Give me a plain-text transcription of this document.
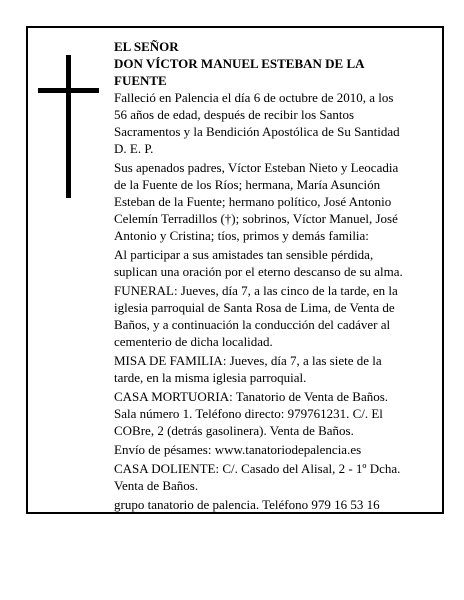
EL SEÑOR
DON VÍCTOR MANUEL ESTEBAN DE LA
FUENTE
Falleció en Palencia el día 6 de octubre de 2010, a los
56 años de edad, después de recibir los Santos
Sacramentos y la Bendición Apostólica de Su Santidad
D. E. P.
Sus apenados padres, Víctor Esteban Nieto y Leocadia
de la Fuente de los Ríos; hermana, María Asunción
Esteban de la Fuente; hermano político, José Antonio
Celemín Terradillos (†); sobrinos, Víctor Manuel, José
Antonio y Cristina; tíos, primos y demás familia:
Al participar a sus amistades tan sensible pérdida,
suplican una oración por el eterno descanso de su alma.
FUNERAL: Jueves, día 7, a las cinco de la tarde, en la
iglesia parroquial de Santa Rosa de Lima, de Venta de
Baños, y a continuación la conducción del cadáver al
cementerio de dicha localidad.
MISA DE FAMILIA: Jueves, día 7, a las siete de la
tarde, en la misma iglesia parroquial.
CASA MORTUORIA: Tanatorio de Venta de Baños.
Sala número 1. Teléfono directo: 979761231. C/. El
COBre, 2 (detrás gasolinera). Venta de Baños.
Envío de pésames: www.tanatoriodepalencia.es
CASA DOLIENTE: C/. Casado del Alisal, 2 - 1º Dcha.
Venta de Baños.
grupo tanatorio de palencia. Teléfono 979 16 53 16
